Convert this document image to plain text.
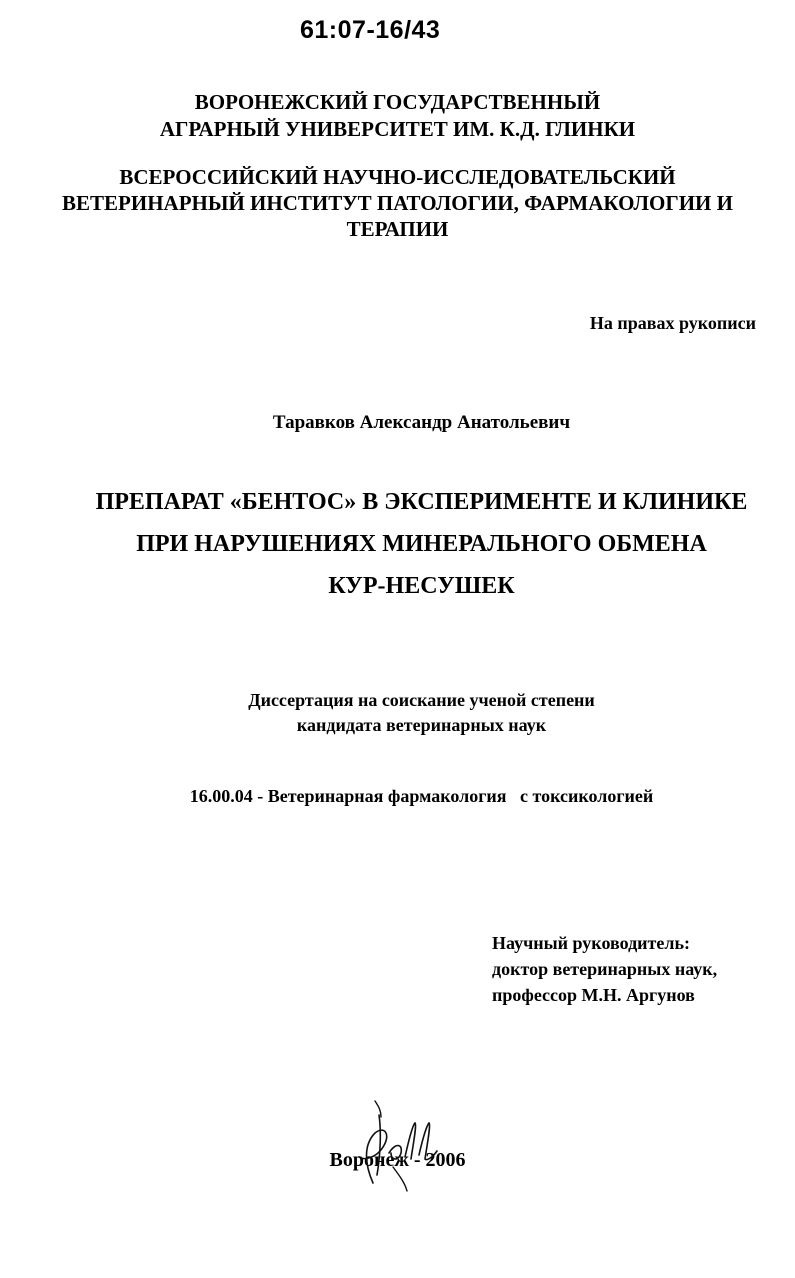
61:07-16/43
ВОРОНЕЖСКИЙ ГОСУДАРСТВЕННЫЙ
АГРАРНЫЙ УНИВЕРСИТЕТ ИМ. К.Д. ГЛИНКИ
ВСЕРОССИЙСКИЙ НАУЧНО-ИССЛЕДОВАТЕЛЬСКИЙ
ВЕТЕРИНАРНЫЙ ИНСТИТУТ ПАТОЛОГИИ, ФАРМАКОЛОГИИ И
ТЕРАПИИ
На правах рукописи
Таравков Александр Анатольевич
ПРЕПАРАТ «БЕНТОС» В ЭКСПЕРИМЕНТЕ И КЛИНИКЕ
ПРИ НАРУШЕНИЯХ МИНЕРАЛЬНОГО ОБМЕНА
КУР-НЕСУШЕК
Диссертация на соискание ученой степени
кандидата ветеринарных наук
16.00.04 - Ветеринарная фармакология   с токсикологией
Научный руководитель:
доктор ветеринарных наук,
профессор М.Н. Аргунов
Воронеж - 2006
